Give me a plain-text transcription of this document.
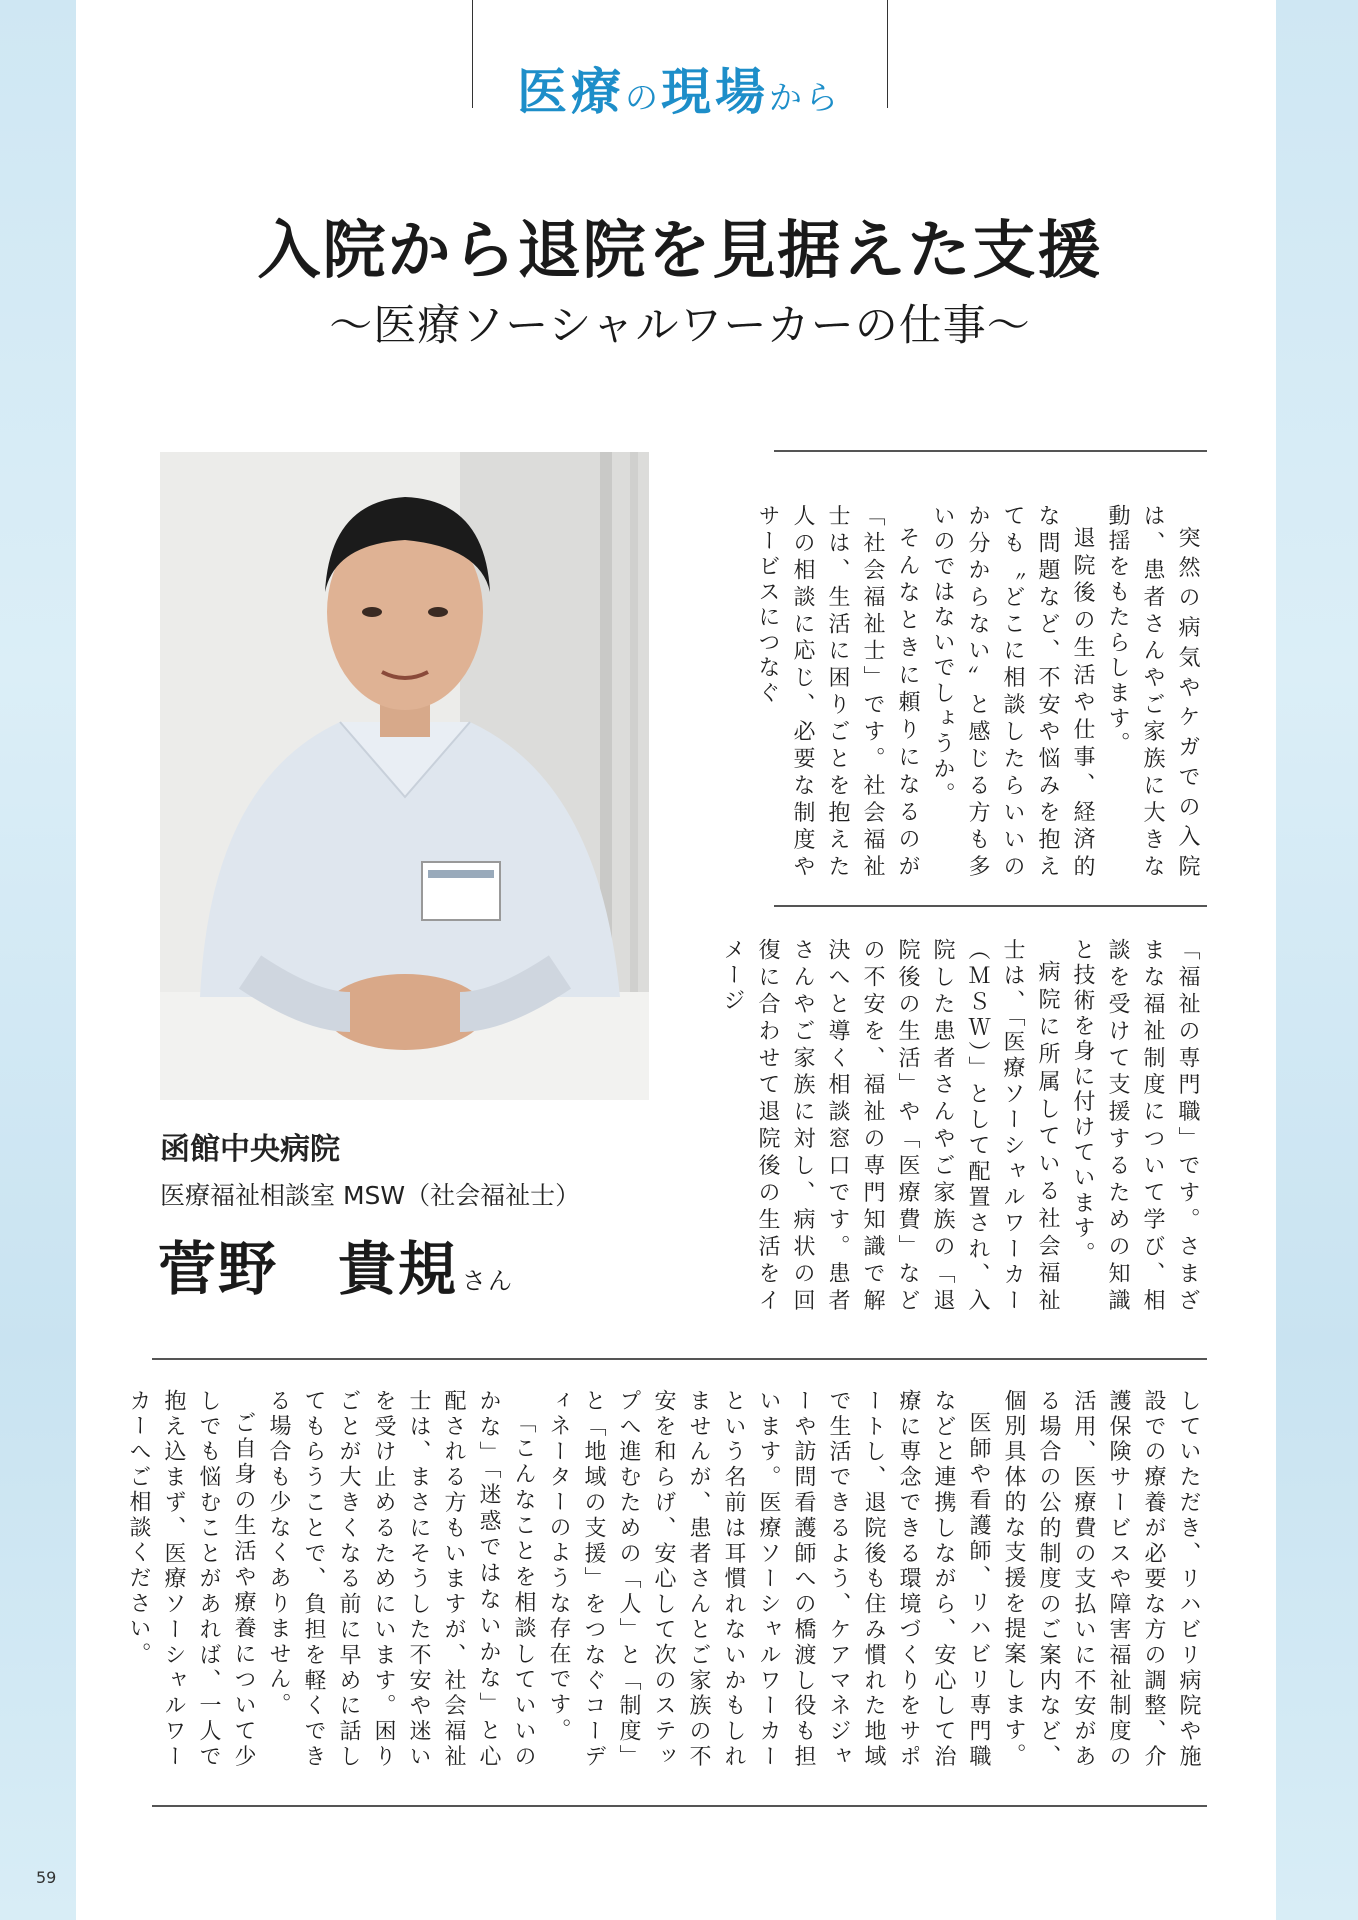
医療の現場から
入院から退院を見据えた支援
〜医療ソーシャルワーカーの仕事〜
函館中央病院
医療福祉相談室 MSW（社会福祉士）
菅野　貴規 さん

突然の病気やケガでの入院は、患者さんやご家族に大きな動揺をもたらします。

退院後の生活や仕事、経済的な問題など、不安や悩みを抱えても〝どこに相談したらいいのか分からない〟と感じる方も多いのではないでしょうか。

そんなときに頼りになるのが「社会福祉士」です。社会福祉士は、生活に困りごとを抱えた人の相談に応じ、必要な制度やサービスにつなぐ

「福祉の専門職」です。さまざまな福祉制度について学び、相談を受けて支援するための知識と技術を身に付けています。

病院に所属している社会福祉士は、「医療ソーシャルワーカー（ＭＳＷ）」として配置され、入院した患者さんやご家族の「退院後の生活」や「医療費」などの不安を、福祉の専門知識で解決へと導く相談窓口です。患者さんやご家族に対し、病状の回復に合わせて退院後の生活をイメージ

していただき、リハビリ病院や施設での療養が必要な方の調整、介護保険サービスや障害福祉制度の活用、医療費の支払いに不安がある場合の公的制度のご案内など、個別具体的な支援を提案します。

医師や看護師、リハビリ専門職などと連携しながら、安心して治療に専念できる環境づくりをサポートし、退院後も住み慣れた地域で生活できるよう、ケアマネジャーや訪問看護師への橋渡し役も担います。医療ソーシャルワーカーという名前は耳慣れないかもしれませんが、患者さんとご家族の不安を和らげ、安心して次のステップへ進むための「人」と「制度」と「地域の支援」をつなぐコーディネーターのような存在です。

「こんなことを相談していいのかな」「迷惑ではないかな」と心配される方もいますが、社会福祉士は、まさにそうした不安や迷いを受け止めるためにいます。困りごとが大きくなる前に早めに話してもらうことで、負担を軽くできる場合も少なくありません。

ご自身の生活や療養について少しでも悩むことがあれば、一人で抱え込まず、医療ソーシャルワーカーへご相談ください。

59
